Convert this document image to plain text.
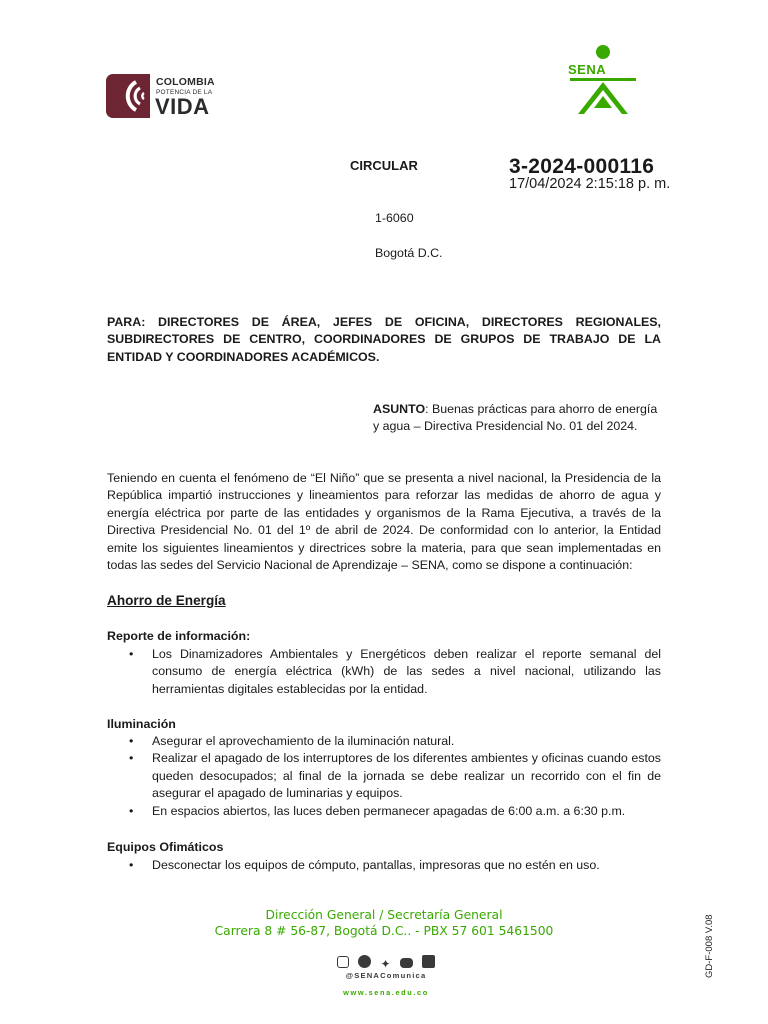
COLOMBIA
POTENCIA DE LA
VIDA
SENA
CIRCULAR	3-2024-000116
17/04/2024 2:15:18 p. m.
1-6060
Bogotá D.C.
PARA: DIRECTORES DE ÁREA, JEFES DE OFICINA, DIRECTORES REGIONALES, SUBDIRECTORES DE CENTRO, COORDINADORES DE GRUPOS DE TRABAJO DE LA ENTIDAD Y COORDINADORES ACADÉMICOS.
ASUNTO: Buenas prácticas para ahorro de energía y agua – Directiva Presidencial No. 01 del 2024.
Teniendo en cuenta el fenómeno de “El Niño” que se presenta a nivel nacional, la Presidencia de la República impartió instrucciones y lineamientos para reforzar las medidas de ahorro de agua y energía eléctrica por parte de las entidades y organismos de la Rama Ejecutiva, a través de la Directiva Presidencial No. 01 del 1º de abril de 2024. De conformidad con lo anterior, la Entidad emite los siguientes lineamientos y directrices sobre la materia, para que sean implementadas en todas las sedes del Servicio Nacional de Aprendizaje – SENA, como se dispone a continuación:
Ahorro de Energía
Reporte de información:
• Los Dinamizadores Ambientales y Energéticos deben realizar el reporte semanal del consumo de energía eléctrica (kWh) de las sedes a nivel nacional, utilizando las herramientas digitales establecidas por la entidad.
Iluminación
• Asegurar el aprovechamiento de la iluminación natural.
• Realizar el apagado de los interruptores de los diferentes ambientes y oficinas cuando estos queden desocupados; al final de la jornada se debe realizar un recorrido con el fin de asegurar el apagado de luminarias y equipos.
• En espacios abiertos, las luces deben permanecer apagadas de 6:00 a.m. a 6:30 p.m.
Equipos Ofimáticos
• Desconectar los equipos de cómputo, pantallas, impresoras que no estén en uso.
Dirección General / Secretaría General
Carrera 8 # 56-87, Bogotá D.C.. - PBX 57 601 5461500
✦
@SENAComunica
www.sena.edu.co
GD-F-008 V.08
